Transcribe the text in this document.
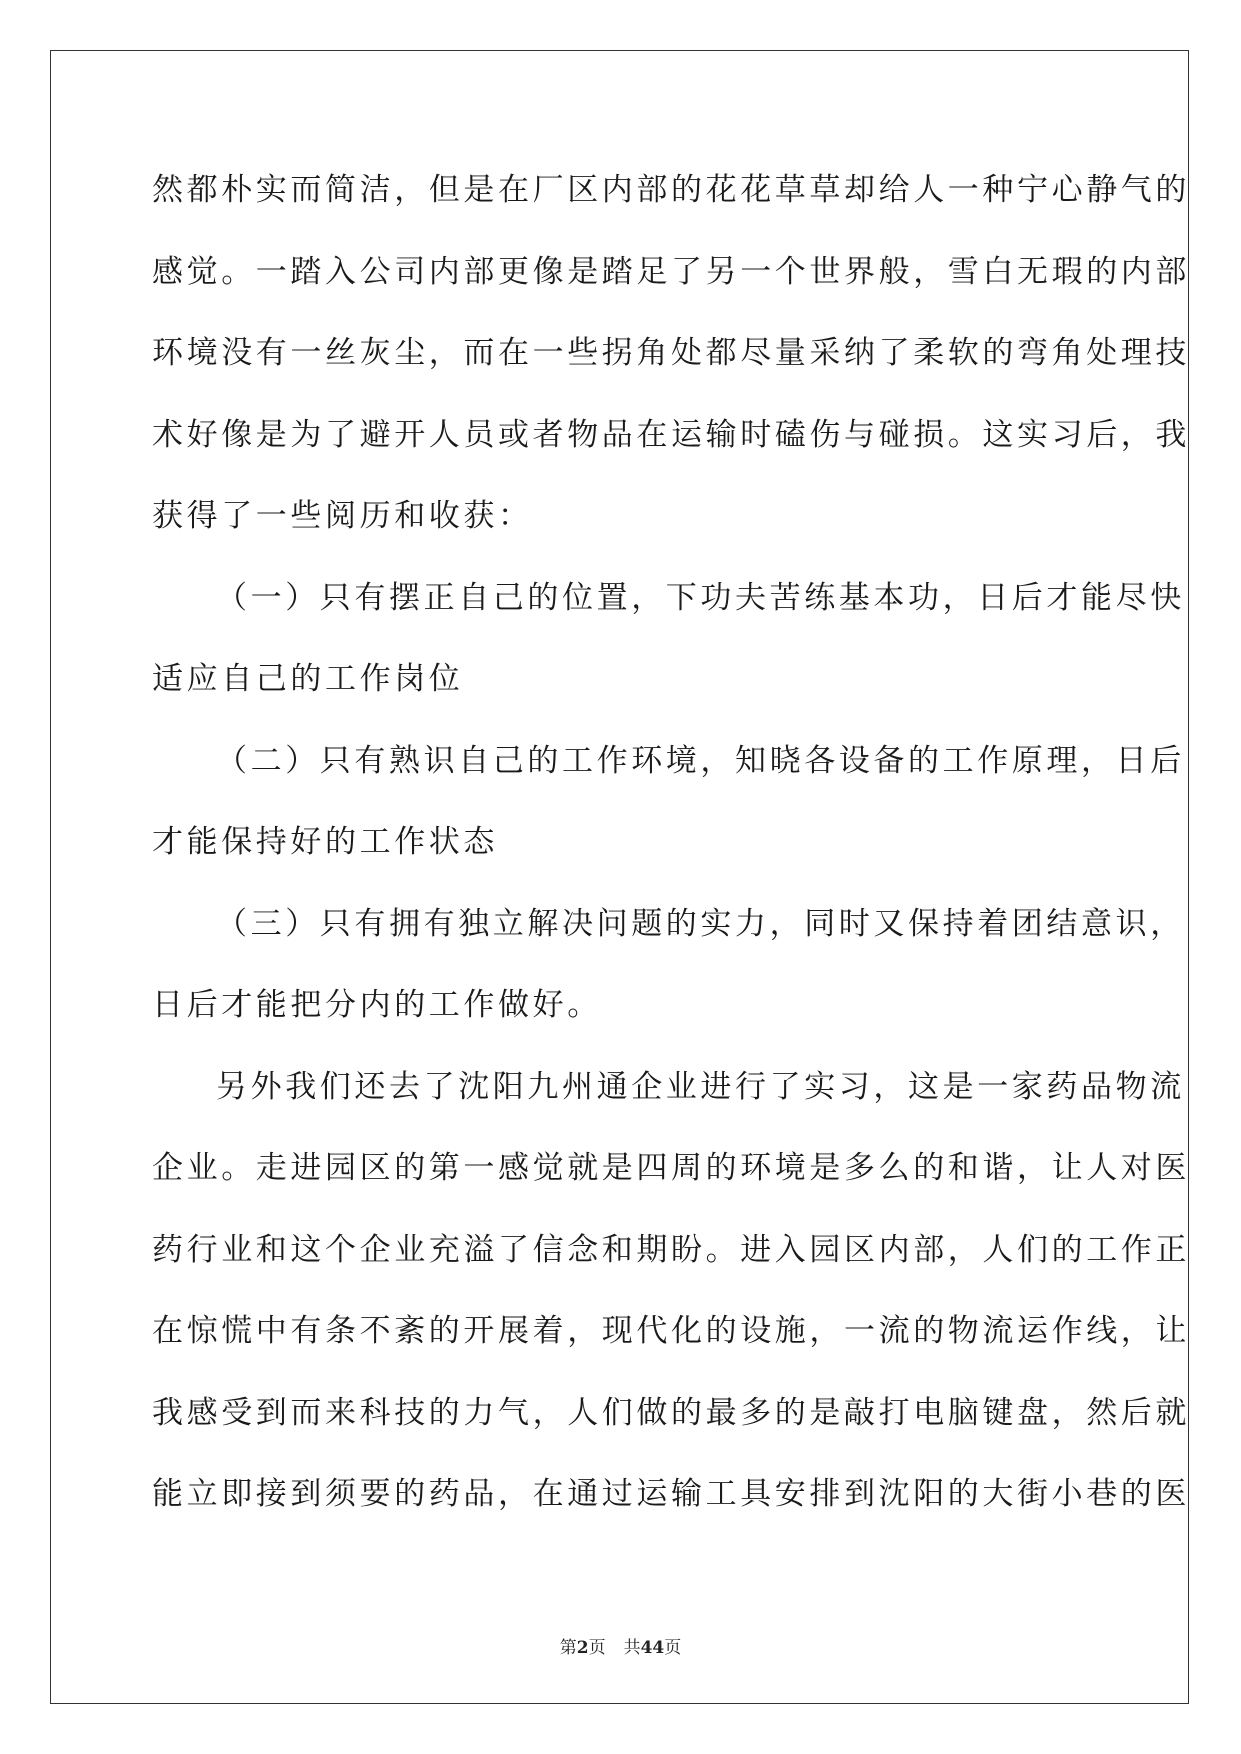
然都朴实而简洁，但是在厂区内部的花花草草却给人一种宁心静气的
感觉。一踏入公司内部更像是踏足了另一个世界般，雪白无瑕的内部
环境没有一丝灰尘，而在一些拐角处都尽量采纳了柔软的弯角处理技
术好像是为了避开人员或者物品在运输时磕伤与碰损。这实习后，我
获得了一些阅历和收获：
（一）只有摆正自己的位置，下功夫苦练基本功，日后才能尽快
适应自己的工作岗位
（二）只有熟识自己的工作环境，知晓各设备的工作原理，日后
才能保持好的工作状态
（三）只有拥有独立解决问题的实力，同时又保持着团结意识，
日后才能把分内的工作做好。
另外我们还去了沈阳九州通企业进行了实习，这是一家药品物流
企业。走进园区的第一感觉就是四周的环境是多么的和谐，让人对医
药行业和这个企业充溢了信念和期盼。进入园区内部，人们的工作正
在惊慌中有条不紊的开展着，现代化的设施，一流的物流运作线，让
我感受到而来科技的力气，人们做的最多的是敲打电脑键盘，然后就
能立即接到须要的药品，在通过运输工具安排到沈阳的大街小巷的医
第2页 共44页
